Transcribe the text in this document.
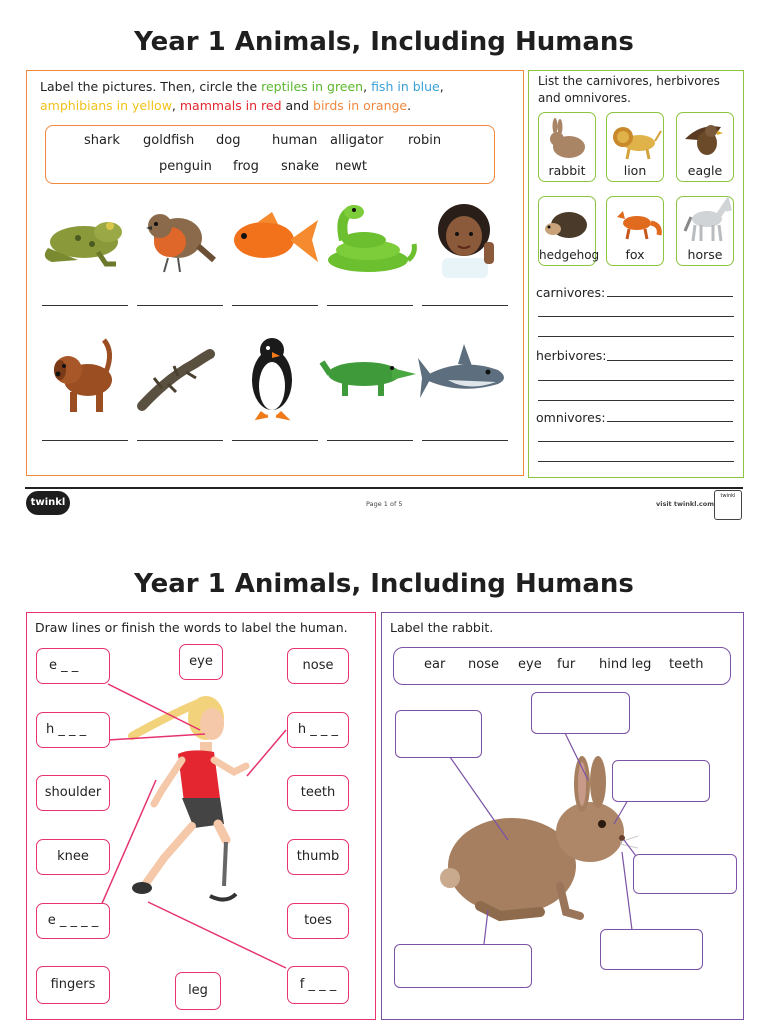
Year 1 Animals, Including Humans
Label the pictures. Then, circle the reptiles in green, fish in blue, amphibians in yellow, mammals in red and birds in orange.
shark goldfish dog human alligator robin
penguin frog snake newt
List the carnivores, herbivores and omnivores.
rabbit	lion	eagle
hedgehog	fox	horse
carnivores:
herbivores:
omnivores:
twinkl	Page 1 of 5	visit twinkl.com
twinkl
Year 1 Animals, Including Humans
Draw lines or finish the words to label the human.
e _ _	eye	nose
h _ _ _	h _ _ _
shoulder	teeth
knee	thumb
e _ _ _ _	toes
fingers	leg	f _ _ _
Label the rabbit.
ear nose eye fur hind leg teeth
